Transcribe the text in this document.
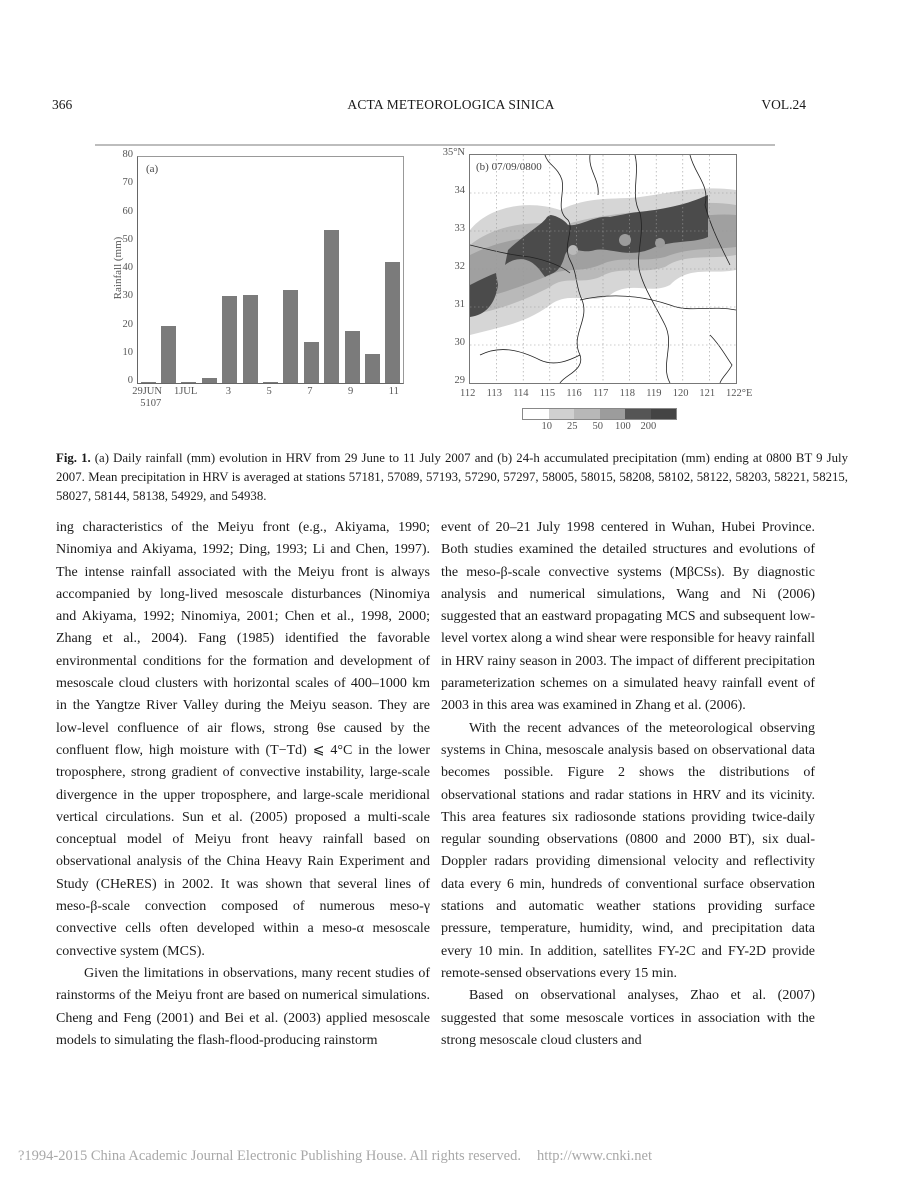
366	ACTA METEOROLOGICA SINICA	VOL.24
Rainfall (mm)
0
10
20
30
40
50
60
70
80
(a)
29JUN 1JUL	3	5	7	9	11
5107
29
30
31
32
33
34
35°N
(b) 07/09/0800
112 113 114 115 116 117 118 119 120 121 122°E
10 25 50 100 200
Fig. 1. (a) Daily rainfall (mm) evolution in HRV from 29 June to 11 July 2007 and (b) 24-h accumulated precipitation (mm) ending at 0800 BT 9 July 2007. Mean precipitation in HRV is averaged at stations 57181, 57089, 57193, 57290, 57297, 58005, 58015, 58208, 58102, 58122, 58203, 58221, 58215, 58027, 58144, 58138, 54929, and 54938.

ing characteristics of the Meiyu front (e.g., Akiyama, 1990; Ninomiya and Akiyama, 1992; Ding, 1993; Li and Chen, 1997). The intense rainfall associated with the Meiyu front is always accompanied by long-lived mesoscale disturbances (Ninomiya and Akiyama, 1992; Ninomiya, 2001; Chen et al., 1998, 2000; Zhang et al., 2004). Fang (1985) identified the favorable environmental conditions for the formation and development of mesoscale cloud clusters with horizontal scales of 400–1000 km in the Yangtze River Valley during the Meiyu season. They are low-level confluence of air flows, strong θse caused by the confluent flow, high moisture with (T−Td) ⩽ 4°C in the lower troposphere, strong gradient of convective instability, large-scale divergence in the upper troposphere, and large-scale meridional vertical circulations. Sun et al. (2005) proposed a multi-scale conceptual model of Meiyu front heavy rainfall based on observational analysis of the China Heavy Rain Experiment and Study (CHeRES) in 2002. It was shown that several lines of meso-β-scale convection composed of numerous meso-γ convective cells often developed within a meso-α mesoscale convective system (MCS).

Given the limitations in observations, many recent studies of rainstorms of the Meiyu front are based on numerical simulations. Cheng and Feng (2001) and Bei et al. (2003) applied mesoscale models to simulating the flash-flood-producing rainstorm

event of 20–21 July 1998 centered in Wuhan, Hubei Province. Both studies examined the detailed structures and evolutions of the meso-β-scale convective systems (MβCSs). By diagnostic analysis and numerical simulations, Wang and Ni (2006) suggested that an eastward propagating MCS and subsequent low-level vortex along a wind shear were responsible for heavy rainfall in HRV rainy season in 2003. The impact of different precipitation parameterization schemes on a simulated heavy rainfall event of 2003 in this area was examined in Zhang et al. (2006).

With the recent advances of the meteorological observing systems in China, mesoscale analysis based on observational data becomes possible. Figure 2 shows the distributions of observational stations and radar stations in HRV and its vicinity. This area features six radiosonde stations providing twice-daily regular sounding observations (0800 and 2000 BT), six dual-Doppler radars providing dimensional velocity and reflectivity data every 6 min, hundreds of conventional surface observation stations and automatic weather stations providing surface pressure, temperature, humidity, wind, and precipitation data every 10 min. In addition, satellites FY-2C and FY-2D provide remote-sensed observations every 15 min.

Based on observational analyses, Zhao et al. (2007) suggested that some mesoscale vortices in association with the strong mesoscale cloud clusters and

?1994-2015 China Academic Journal Electronic Publishing House. All rights reserved. http://www.cnki.net
